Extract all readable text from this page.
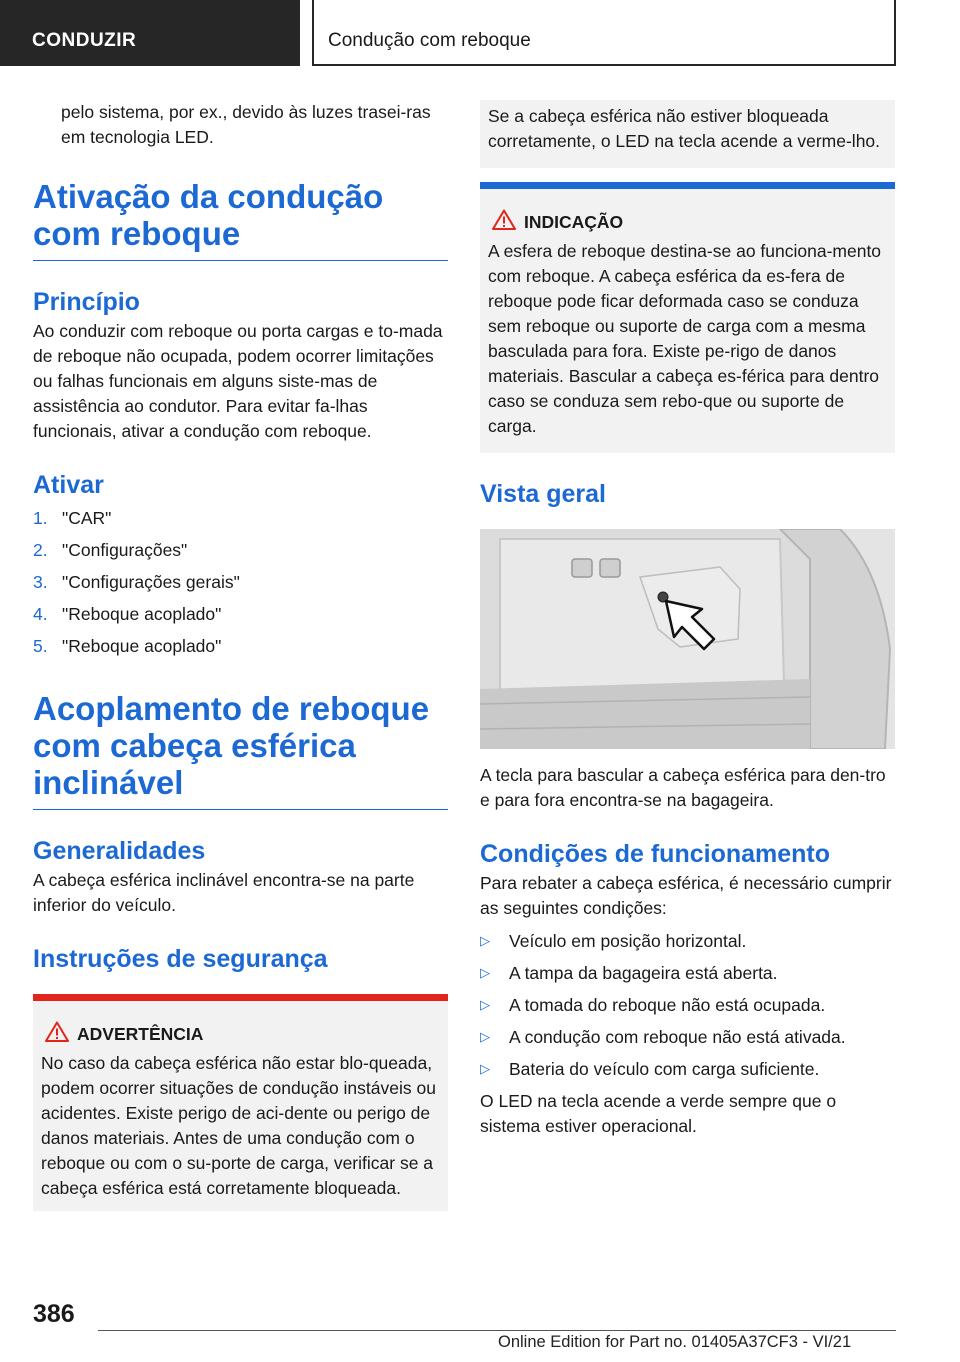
CONDUZIR	Condução com reboque

pelo sistema, por ex., devido às luzes trasei-ras em tecnologia LED.

Ativação da condução com reboque
Princípio

Ao conduzir com reboque ou porta cargas e to-mada de reboque não ocupada, podem ocorrer limitações ou falhas funcionais em alguns siste-mas de assistência ao condutor. Para evitar fa-lhas funcionais, ativar a condução com reboque.

Ativar
1. "CAR"
2. "Configurações"
3. "Configurações gerais"
4. "Reboque acoplado"
5. "Reboque acoplado"
Acoplamento de reboque com cabeça esférica inclinável
Generalidades

A cabeça esférica inclinável encontra-se na parte inferior do veículo.

Instruções de segurança
ADVERTÊNCIA

No caso da cabeça esférica não estar blo-queada, podem ocorrer situações de condução instáveis ou acidentes. Existe perigo de aci-dente ou perigo de danos materiais. Antes de uma condução com o reboque ou com o su-porte de carga, verificar se a cabeça esférica está corretamente bloqueada.

Se a cabeça esférica não estiver bloqueada corretamente, o LED na tecla acende a verme-lho.

INDICAÇÃO

A esfera de reboque destina-se ao funciona-mento com reboque. A cabeça esférica da es-fera de reboque pode ficar deformada caso se conduza sem reboque ou suporte de carga com a mesma basculada para fora. Existe pe-rigo de danos materiais. Bascular a cabeça es-férica para dentro caso se conduza sem rebo-que ou suporte de carga.

Vista geral

A tecla para bascular a cabeça esférica para den-tro e para fora encontra-se na bagageira.

Condições de funcionamento

Para rebater a cabeça esférica, é necessário cumprir as seguintes condições:

▷	Veículo em posição horizontal.
▷	A tampa da bagageira está aberta.
▷	A tomada do reboque não está ocupada.
▷	A condução com reboque não está ativada.
▷	Bateria do veículo com carga suficiente.

O LED na tecla acende a verde sempre que o sistema estiver operacional.

386
Online Edition for Part no. 01405A37CF3 - VI/21
